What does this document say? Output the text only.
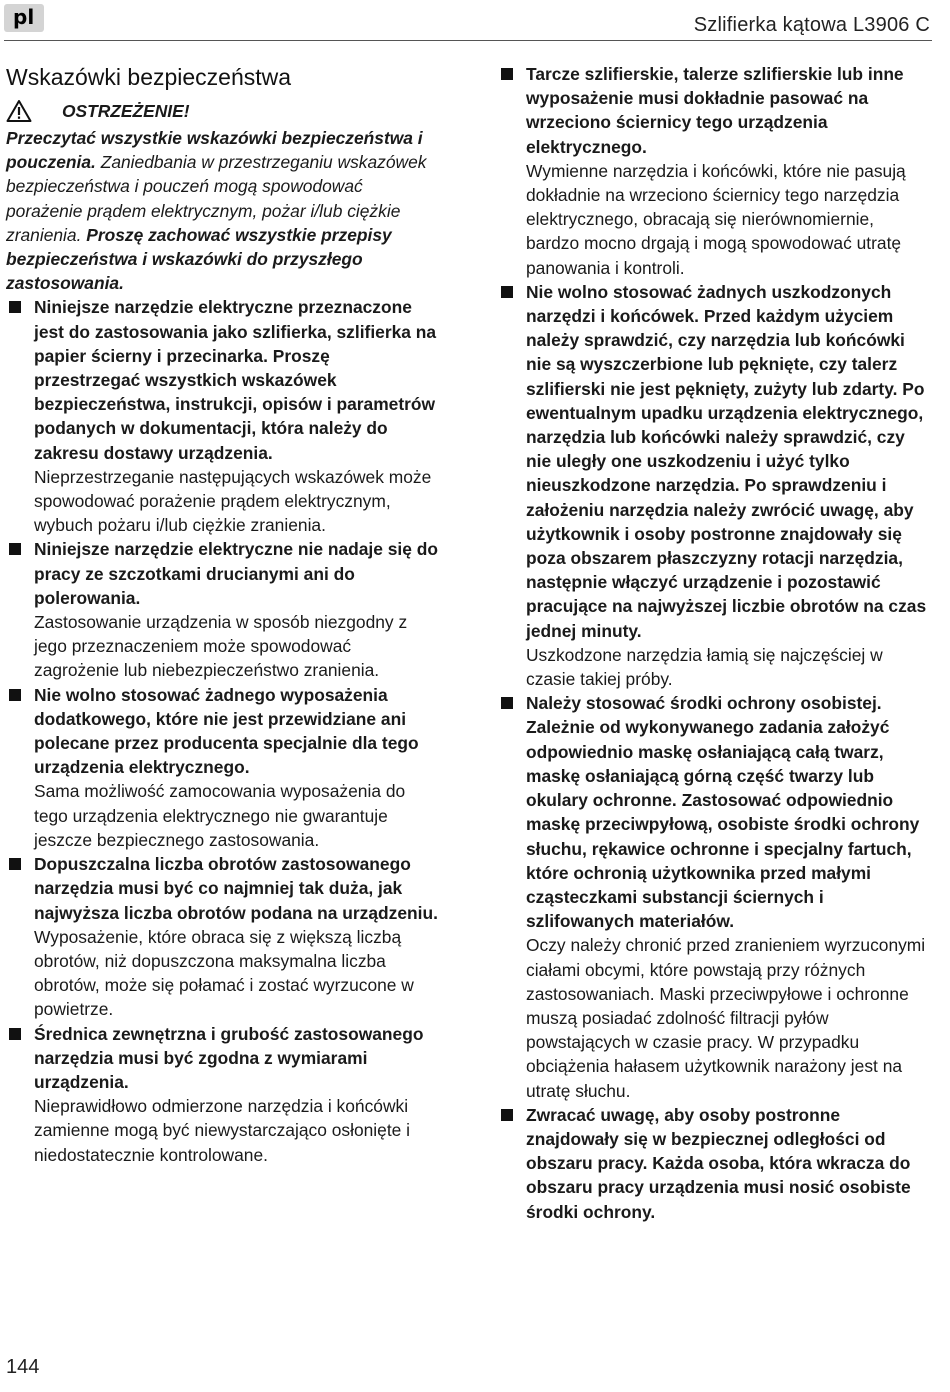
pl	Szlifierka kątowa L3906 C
Wskazówki bezpieczeństwa
OSTRZEŻENIE!

Przeczytać wszystkie wskazówki bezpieczeństwa i pouczenia. Zaniedbania w przestrzeganiu wskazówek bezpieczeństwa i pouczeń mogą spowodować porażenie prądem elektrycznym, pożar i/lub ciężkie zranienia. Proszę zachować wszystkie przepisy bezpieczeństwa i wskazówki do przyszłego zastosowania.

Niniejsze narzędzie elektryczne przeznaczone jest do zastosowania jako szlifierka, szlifierka na papier ścierny i przecinarka. Proszę przestrzegać wszystkich wskazówek bezpieczeństwa, instrukcji, opisów i parametrów podanych w dokumentacji, która należy do zakresu dostawy urządzenia.

Nieprzestrzeganie następujących wskazówek może spowodować porażenie prądem elektrycznym, wybuch pożaru i/lub ciężkie zranienia.

Niniejsze narzędzie elektryczne nie nadaje się do pracy ze szczotkami drucianymi ani do polerowania.

Zastosowanie urządzenia w sposób niezgodny z jego przeznaczeniem może spowodować zagrożenie lub niebezpieczeństwo zranienia.

Nie wolno stosować żadnego wyposażenia dodatkowego, które nie jest przewidziane ani polecane przez producenta specjalnie dla tego urządzenia elektrycznego.

Sama możliwość zamocowania wyposażenia do tego urządzenia elektrycznego nie gwarantuje jeszcze bezpiecznego zastosowania.

Dopuszczalna liczba obrotów zastosowanego narzędzia musi być co najmniej tak duża, jak najwyższa liczba obrotów podana na urządzeniu.

Wyposażenie, które obraca się z większą liczbą obrotów, niż dopuszczona maksymalna liczba obrotów, może się połamać i zostać wyrzucone w powietrze.

Średnica zewnętrzna i grubość zastosowanego narzędzia musi być zgodna z wymiarami urządzenia.

Nieprawidłowo odmierzone narzędzia i końcówki zamienne mogą być niewystarczająco osłonięte i niedostatecznie kontrolowane.

Tarcze szlifierskie, talerze szlifierskie lub inne wyposażenie musi dokładnie pasować na wrzeciono ściernicy tego urządzenia elektrycznego.

Wymienne narzędzia i końcówki, które nie pasują dokładnie na wrzeciono ściernicy tego narzędzia elektrycznego, obracają się nierównomiernie, bardzo mocno drgają i mogą spowodować utratę panowania i kontroli.

Nie wolno stosować żadnych uszkodzonych narzędzi i końcówek. Przed każdym użyciem należy sprawdzić, czy narzędzia lub końcówki nie są wyszczerbione lub pęknięte, czy talerz szlifierski nie jest pęknięty, zużyty lub zdarty. Po ewentualnym upadku urządzenia elektrycznego, narzędzia lub końcówki należy sprawdzić, czy nie uległy one uszkodzeniu i użyć tylko nieuszkodzone narzędzia. Po sprawdzeniu i założeniu narzędzia należy zwrócić uwagę, aby użytkownik i osoby postronne znajdowały się poza obszarem płaszczyzny rotacji narzędzia, następnie włączyć urządzenie i pozostawić pracujące na najwyższej liczbie obrotów na czas jednej minuty.

Uszkodzone narzędzia łamią się najczęściej w czasie takiej próby.

Należy stosować środki ochrony osobistej. Zależnie od wykonywanego zadania założyć odpowiednio maskę osłaniającą całą twarz, maskę osłaniającą górną część twarzy lub okulary ochronne. Zastosować odpowiednio maskę przeciwpyłową, osobiste środki ochrony słuchu, rękawice ochronne i specjalny fartuch, które ochronią użytkownika przed małymi cząsteczkami substancji ściernych i szlifowanych materiałów.

Oczy należy chronić przed zranieniem wyrzuconymi ciałami obcymi, które powstają przy różnych zastosowaniach. Maski przeciwpyłowe i ochronne muszą posiadać zdolność filtracji pyłów powstających w czasie pracy. W przypadku obciążenia hałasem użytkownik narażony jest na utratę słuchu.

Zwracać uwagę, aby osoby postronne znajdowały się w bezpiecznej odległości od obszaru pracy. Każda osoba, która wkracza do obszaru pracy urządzenia musi nosić osobiste środki ochrony.

144
